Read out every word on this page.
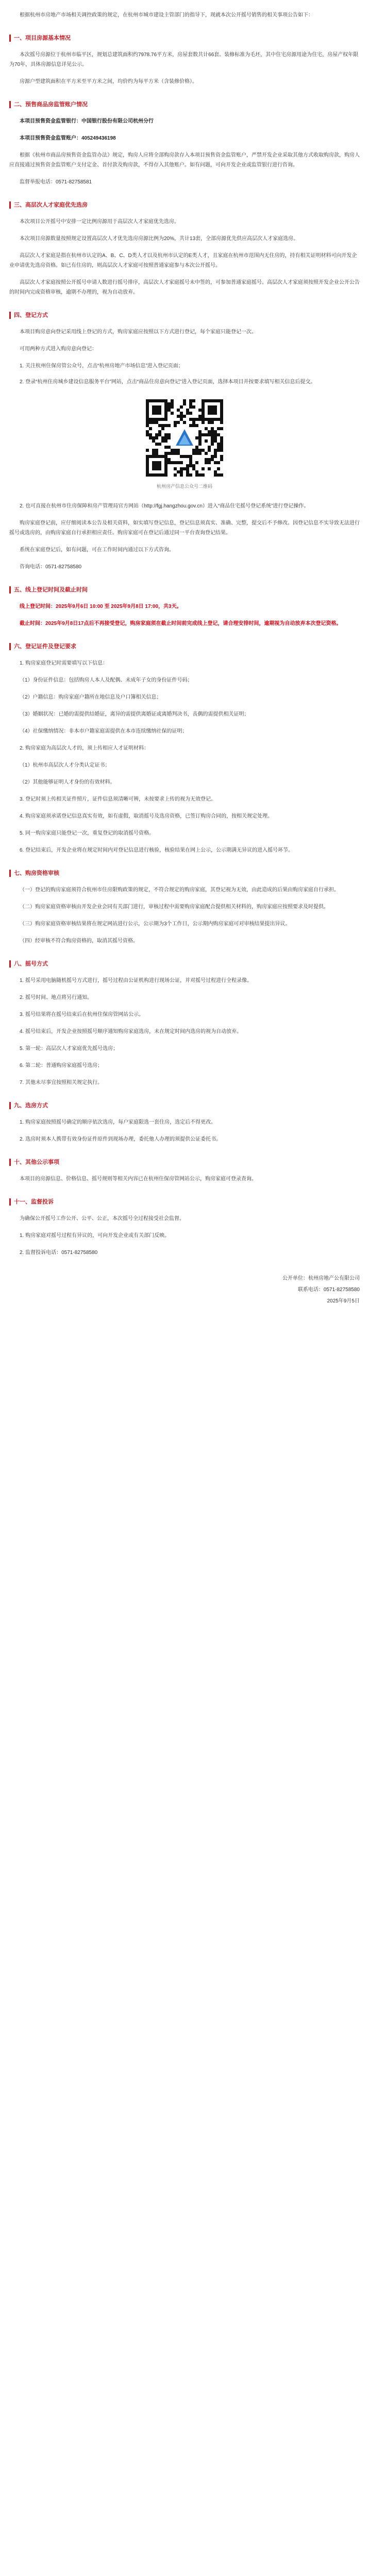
根据杭州市房地产市场相关调控政策的规定，在杭州市城市建设主管部门的指导下，现就本次公开摇号销售的相关事项公告如下：

一、项目房源基本情况

本次摇号房源位于杭州市临平区，规划总建筑面积约7978.76平方米，房屋套数共计66套。装修标准为毛坯，其中住宅房源用途为住宅，房屋产权年限为70年，具体房源信息详见公示。

房源户型建筑面积在平方米至平方米之间，均价约为每平方米（含装修价格）。

二、预售商品房监管账户情况

本项目预售资金监管银行：中国银行股份有限公司杭州分行

本项目预售资金监管账户：405249436198

根据《杭州市商品房预售资金监管办法》规定，购房人应将全部购房款存入本项目预售资金监管账户，严禁开发企业采取其他方式收取购房款，购房人应直接通过预售资金监管账户支付定金、首付款及购房款，不得存入其他账户。如有问题，可向开发企业或监管银行进行咨询。

监督举报电话：0571-82758581

三、高层次人才家庭优先选房

本次项目公开摇号中安排一定比例房源用于高层次人才家庭优先选房。

本次项目房源数量按照规定设置高层次人才优先选房房源比例为20%，共计13套，全部房源优先供应高层次人才家庭选房。

高层次人才家庭是指在杭州市认定的A、B、C、D类人才以及杭州市认定的E类人才，且家庭在杭州市范围内无住房的，持有相关证明材料可向开发企业申请优先选房资格。如已有住房的，则高层次人才家庭可按照普通家庭参与本次公开摇号。

高层次人才家庭按照公开摇号申请人数进行摇号排序，高层次人才家庭摇号未中签的，可参加普通家庭摇号。高层次人才家庭须按照开发企业公开公告的时间内完成资格审核，逾期不办理的，视为自动放弃。

四、登记方式

本项目购房意向登记采用线上登记的方式，购房家庭应按照以下方式进行登记，每个家庭只能登记一次。

可用两种方式进入购房意向登记：

1. 关注杭州住保房管公众号，点击“杭州房地产市场信息”进入登记页面；

2. 登录“杭州住房城乡建设信息服务平台”网站，点击“商品住房意向登记”进入登记页面，选择本项目并按要求填写相关信息后提交。

杭州房产信息公众号二维码

2. 也可直接在杭州市住房保障和房产管理局官方网站（http://fgj.hangzhou.gov.cn）进入“商品住宅摇号登记系统”进行登记操作。

购房家庭登记前，应仔细阅读本公告及相关资料，如实填写登记信息，登记信息须真实、准确、完整，提交后不予修改。因登记信息不实导致无法进行摇号或选房的，由购房家庭自行承担相应责任。购房家庭可在登记后通过同一平台查询登记结果。

系统在家庭登记后，如有问题，可在工作时间内通过以下方式咨询。

咨询电话：0571-82758580

五、线上登记时间及截止时间

线上登记时间：2025年9月6日 10:00 至 2025年9月8日 17:00，共3天。

截止时间：2025年9月8日17点后不再接受登记，购房家庭须在截止时间前完成线上登记，请合理安排时间，逾期视为自动放弃本次登记资格。

六、登记证件及登记要求

1. 购房家庭登记时需要填写以下信息：

（1）身份证件信息：包括购房人本人及配偶、未成年子女的身份证件号码；

（2）户籍信息：购房家庭户籍所在地信息及户口簿相关信息；

（3）婚姻状况：已婚的需提供结婚证，离异的需提供离婚证或离婚判决书，丧偶的需提供相关证明；

（4）社保缴纳情况：非本市户籍家庭需提供在本市连续缴纳社保的证明；

2. 购房家庭为高层次人才的，须上传相应人才证明材料：

（1）杭州市高层次人才分类认定证书；

（2）其他能够证明人才身份的有效材料。

3. 登记时须上传相关证件照片，证件信息须清晰可辨，未按要求上传的视为无效登记。

4. 购房家庭须承诺登记信息真实有效，如有虚假，取消摇号及选房资格，已签订购房合同的，按相关规定处理。

5. 同一购房家庭只能登记一次，重复登记的取消摇号资格。

6. 登记结束后，开发企业将在规定时间内对登记信息进行核验，核验结果在网上公示，公示期满无异议的进入摇号环节。

七、购房资格审核

（一）登记的购房家庭须符合杭州市住房限购政策的规定，不符合规定的购房家庭，其登记视为无效，由此造成的后果由购房家庭自行承担。

（二）购房家庭资格审核由开发企业会同有关部门进行，审核过程中需要购房家庭配合提供相关材料的，购房家庭应按照要求及时提供。

（三）购房家庭资格审核结果将在规定网站进行公示，公示期为3个工作日，公示期内购房家庭可对审核结果提出异议。

（四）经审核不符合购房资格的，取消其摇号资格。

八、摇号方式

1. 摇号采用电脑随机摇号方式进行，摇号过程由公证机构进行现场公证，并对摇号过程进行全程录像。

2. 摇号时间、地点将另行通知。

3. 摇号结果将在摇号结束后在杭州住保房管网站公示。

4. 摇号结束后，开发企业按照摇号顺序通知购房家庭选房，未在规定时间内选房的视为自动放弃。

5. 第一轮：高层次人才家庭优先摇号选房；

6. 第二轮：普通购房家庭摇号选房；

7. 其他未尽事宜按照相关规定执行。

九、选房方式

1. 购房家庭按照摇号确定的顺序依次选房，每户家庭限选一套住房，选定后不得更改。

2. 选房时须本人携带有效身份证件原件到现场办理，委托他人办理的须提供公证委托书。

十、其他公示事项

本项目的房源信息、价格信息、摇号规则等相关内容已在杭州住保房管网站公示，购房家庭可登录查询。

十一、监督投诉

为确保公开摇号工作公开、公平、公正，本次摇号全过程接受社会监督。

1. 购房家庭对摇号过程有异议的，可向开发企业或有关部门反映。

2. 监督投诉电话：0571-82758580

公开单位：杭州房地产公有限公司
联系电话：0571-82758580
2025年9月5日
